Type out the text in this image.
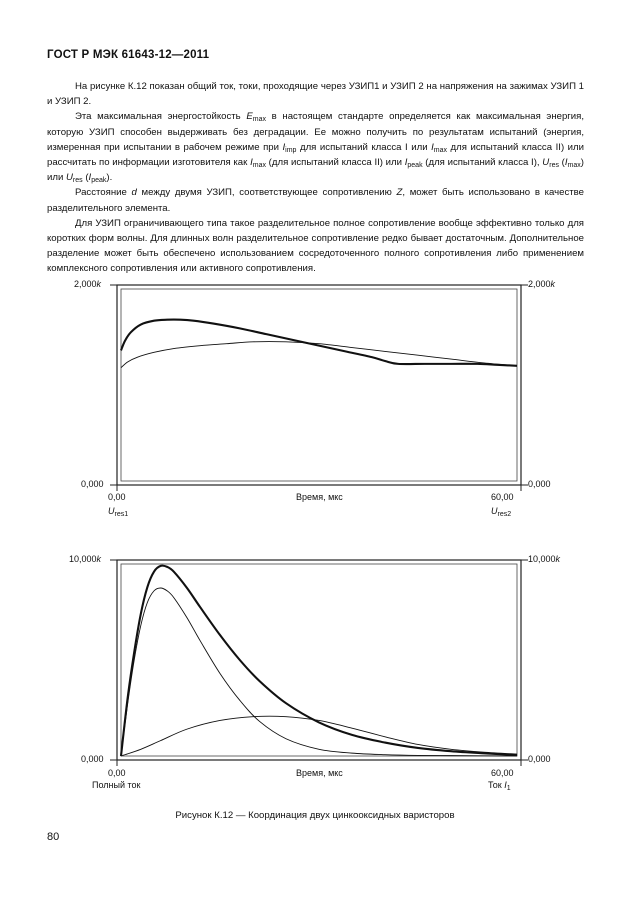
ГОСТ Р МЭК 61643-12—2011

На рисунке К.12 показан общий ток, токи, проходящие через УЗИП1 и УЗИП 2 на напряжения на зажимах УЗИП 1 и УЗИП 2.

Эта максимальная энергостойкость $E_{max}$ в настоящем стандарте определяется как максимальная энергия, которую УЗИП способен выдерживать без деградации. Ее можно получить по результатам испытаний (энергия, измеренная при испытании в рабочем режиме при $I_{imp}$ для испытаний класса I или $I_{max}$ для испытаний класса II) или рассчитать по информации изготовителя как $I_{max}$ (для испытаний класса II) или $I_{peak}$ (для испытаний класса I), $U_{res}$ $(I_{max})$ или $U_{res}$ $(I_{peak})$.

Расстояние d между двумя УЗИП, соответствующее сопротивлению Z, может быть использовано в качестве разделительного элемента.

Для УЗИП ограничивающего типа такое разделительное полное сопротивление вообще эффективно только для коротких форм волны. Для длинных волн разделительное сопротивление редко бывает достаточным. Дополнительное разделение может быть обеспечено использованием сосредоточенного полного сопротивления либо применением комплексного сопротивления или активного сопротивления.

2,000k	2,000k
0,000	0,000
0,00	60,00
Время, мкс
$U_{res1}$	$U_{res2}$
10,000k	10,000k
0,000	0,000
0,00	60,00
Время, мкс
Полный ток	Ток $I_1$
Рисунок К.12 — Координация двух цинкооксидных варисторов
80
